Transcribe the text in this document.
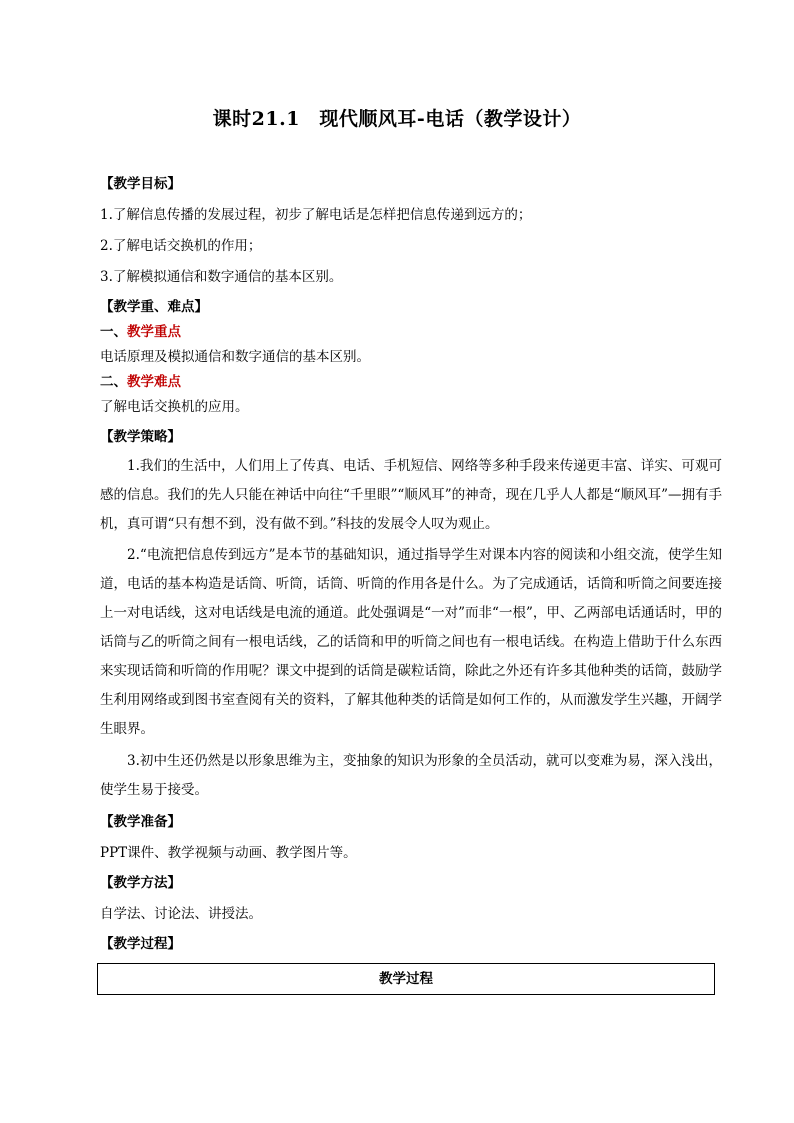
课时21.1　现代顺风耳-电话（教学设计）

【教学目标】

1.了解信息传播的发展过程，初步了解电话是怎样把信息传递到远方的；

2.了解电话交换机的作用；

3.了解模拟通信和数字通信的基本区别。

【教学重、难点】

一、教学重点

电话原理及模拟通信和数字通信的基本区别。

二、教学难点

了解电话交换机的应用。

【教学策略】

1.我们的生活中，人们用上了传真、电话、手机短信、网络等多种手段来传递更丰富、详实、可观可感的信息。我们的先人只能在神话中向往“千里眼”“顺风耳”的神奇，现在几乎人人都是“顺风耳”—拥有手机，真可谓“只有想不到，没有做不到。”科技的发展令人叹为观止。

2.“电流把信息传到远方”是本节的基础知识，通过指导学生对课本内容的阅读和小组交流，使学生知道，电话的基本构造是话筒、听筒，话筒、听筒的作用各是什么。为了完成通话，话筒和听筒之间要连接上一对电话线，这对电话线是电流的通道。此处强调是“一对”而非“一根”，甲、乙两部电话通话时，甲的话筒与乙的听筒之间有一根电话线，乙的话筒和甲的听筒之间也有一根电话线。在构造上借助于什么东西来实现话筒和听筒的作用呢？课文中提到的话筒是碳粒话筒，除此之外还有许多其他种类的话筒，鼓励学生利用网络或到图书室查阅有关的资料，了解其他种类的话筒是如何工作的，从而激发学生兴趣，开阔学生眼界。

3.初中生还仍然是以形象思维为主，变抽象的知识为形象的全员活动，就可以变难为易，深入浅出，使学生易于接受。

【教学准备】

PPT课件、教学视频与动画、教学图片等。

【教学方法】

自学法、讨论法、讲授法。

【教学过程】

教学过程
